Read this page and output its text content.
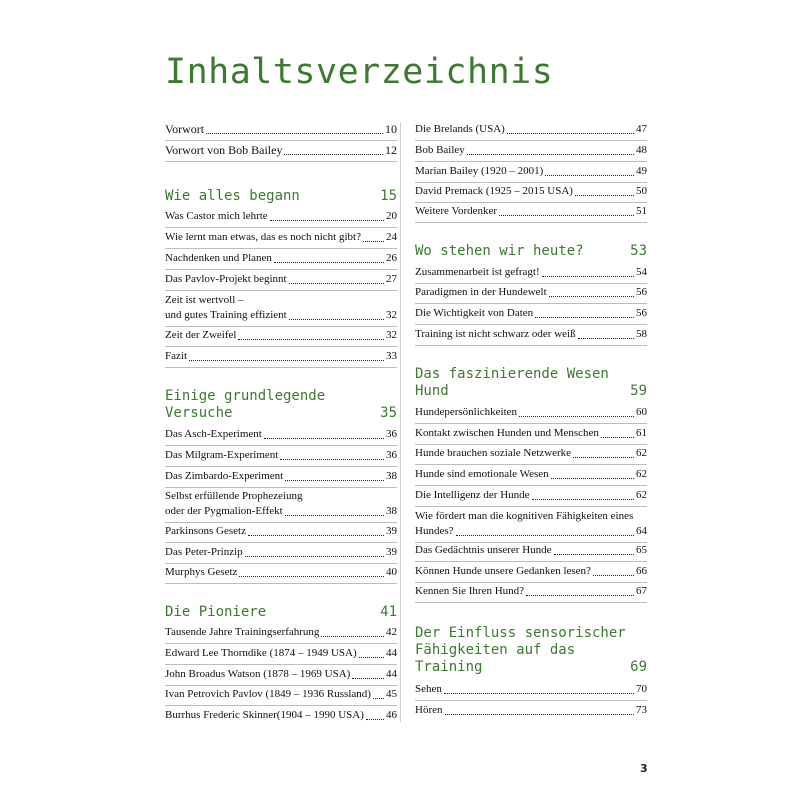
Inhaltsverzeichnis
Vorwort	10
Vorwort von Bob Bailey	12
Wie alles begann	15
Was Castor mich lehrte	20
Wie lernt man etwas, das es noch nicht gibt? 24
Nachdenken und Planen	26
Das Pavlov-Projekt beginnt	27
Zeit ist wertvoll –
und gutes Training effizient	32
Zeit der Zweifel	32
Fazit	33
Einige grundlegende
Versuche	35
Das Asch-Experiment	36
Das Milgram-Experiment	36
Das Zimbardo-Experiment	38
Selbst erfüllende Prophezeiung
oder der Pygmalion-Effekt	38
Parkinsons Gesetz	39
Das Peter-Prinzip	39
Murphys Gesetz	40
Die Pioniere	41
Tausende Jahre Trainingserfahrung	42
Edward Lee Thorndike (1874 – 1949 USA)	44
John Broadus Watson (1878 – 1969 USA)	44
Ivan Petrovich Pavlov (1849 – 1936 Russland) 45
Burrhus Frederic Skinner(1904 – 1990 USA) 46
Die Brelands (USA)	47
Bob Bailey	48
Marian Bailey (1920 – 2001)	49
David Premack (1925 – 2015 USA)	50
Weitere Vordenker	51
Wo stehen wir heute?	53
Zusammenarbeit ist gefragt!	54
Paradigmen in der Hundewelt	56
Die Wichtigkeit von Daten	56
Training ist nicht schwarz oder weiß	58
Das faszinierende Wesen
Hund	59
Hundepersönlichkeiten	60
Kontakt zwischen Hunden und Menschen	61
Hunde brauchen soziale Netzwerke	62
Hunde sind emotionale Wesen	62
Die Intelligenz der Hunde	62
Wie fördert man die kognitiven Fähigkeiten eines
Hundes?	64
Das Gedächtnis unserer Hunde	65
Können Hunde unsere Gedanken lesen?	66
Kennen Sie Ihren Hund?	67
Der Einfluss sensorischer
Fähigkeiten auf das
Training	69
Sehen	70
Hören	73
3
